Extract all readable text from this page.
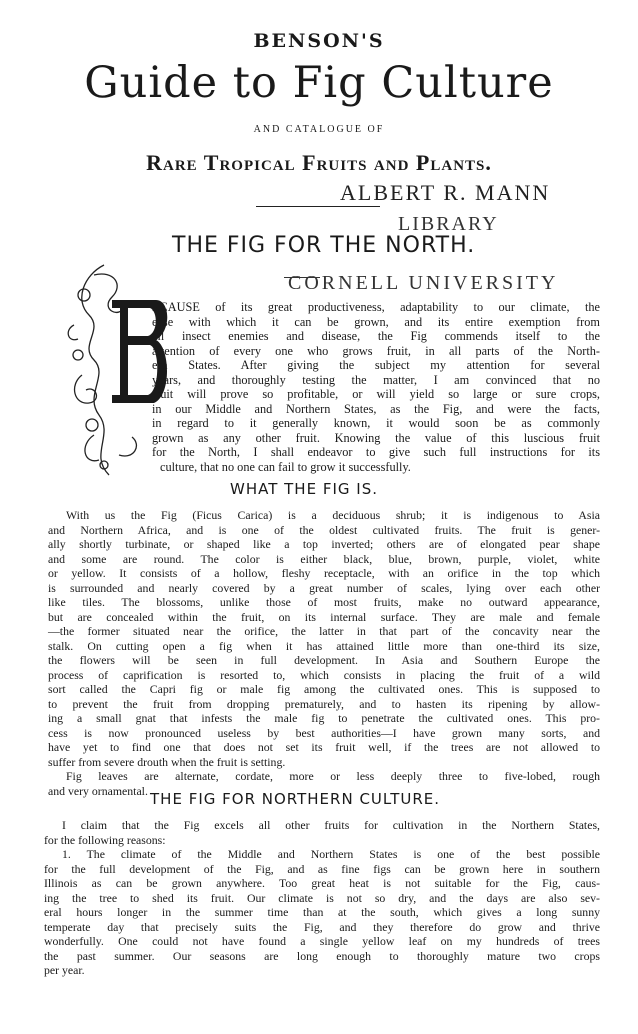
BENSON'S
Guide to Fig Culture
AND CATALOGUE OF
Rare Tropical Fruits and Plants.
ALBERT R. MANN
LIBRARY
THE FIG FOR THE NORTH.
CORNELL UNIVERSITY
ECAUSE of its great productiveness, adaptability to our climate, the
ease with which it can be grown, and its entire exemption from
all insect enemies and disease, the Fig commends itself to the
attention of every one who grows fruit, in all parts of the North-
ern States. After giving the subject my attention for several
years, and thoroughly testing the matter, I am convinced that no
fruit will prove so profitable, or will yield so large or sure crops,
in our Middle and Northern States, as the Fig, and were the facts,
in regard to it generally known, it would soon be as commonly
grown as any other fruit. Knowing the value of this luscious fruit
for the North, I shall endeavor to give such full instructions for its
culture, that no one can fail to grow it successfully.
WHAT THE FIG IS.
With us the Fig (Ficus Carica) is a deciduous shrub; it is indigenous to Asia
and Northern Africa, and is one of the oldest cultivated fruits. The fruit is gener-
ally shortly turbinate, or shaped like a top inverted; others are of elongated pear shape
and some are round. The color is either black, blue, brown, purple, violet, white
or yellow. It consists of a hollow, fleshy receptacle, with an orifice in the top which
is surrounded and nearly covered by a great number of scales, lying over each other
like tiles. The blossoms, unlike those of most fruits, make no outward appearance,
but are concealed within the fruit, on its internal surface. They are male and female
—the former situated near the orifice, the latter in that part of the concavity near the
stalk. On cutting open a fig when it has attained little more than one-third its size,
the flowers will be seen in full development. In Asia and Southern Europe the
process of caprification is resorted to, which consists in placing the fruit of a wild
sort called the Capri fig or male fig among the cultivated ones. This is supposed to
to prevent the fruit from dropping prematurely, and to hasten its ripening by allow-
ing a small gnat that infests the male fig to penetrate the cultivated ones. This pro-
cess is now pronounced useless by best authorities—I have grown many sorts, and
have yet to find one that does not set its fruit well, if the trees are not allowed to
suffer from severe drouth when the fruit is setting.
Fig leaves are alternate, cordate, more or less deeply three to five-lobed, rough
and very ornamental. THE FIG FOR NORTHERN CULTURE.
I claim that the Fig excels all other fruits for cultivation in the Northern States,
for the following reasons:
1. The climate of the Middle and Northern States is one of the best possible
for the full development of the Fig, and as fine figs can be grown here in southern
Illinois as can be grown anywhere. Too great heat is not suitable for the Fig, caus-
ing the tree to shed its fruit. Our climate is not so dry, and the days are also sev-
eral hours longer in the summer time than at the south, which gives a long sunny
temperate day that precisely suits the Fig, and they therefore do grow and thrive
wonderfully. One could not have found a single yellow leaf on my hundreds of trees
the past summer. Our seasons are long enough to thoroughly mature two crops
per year.
